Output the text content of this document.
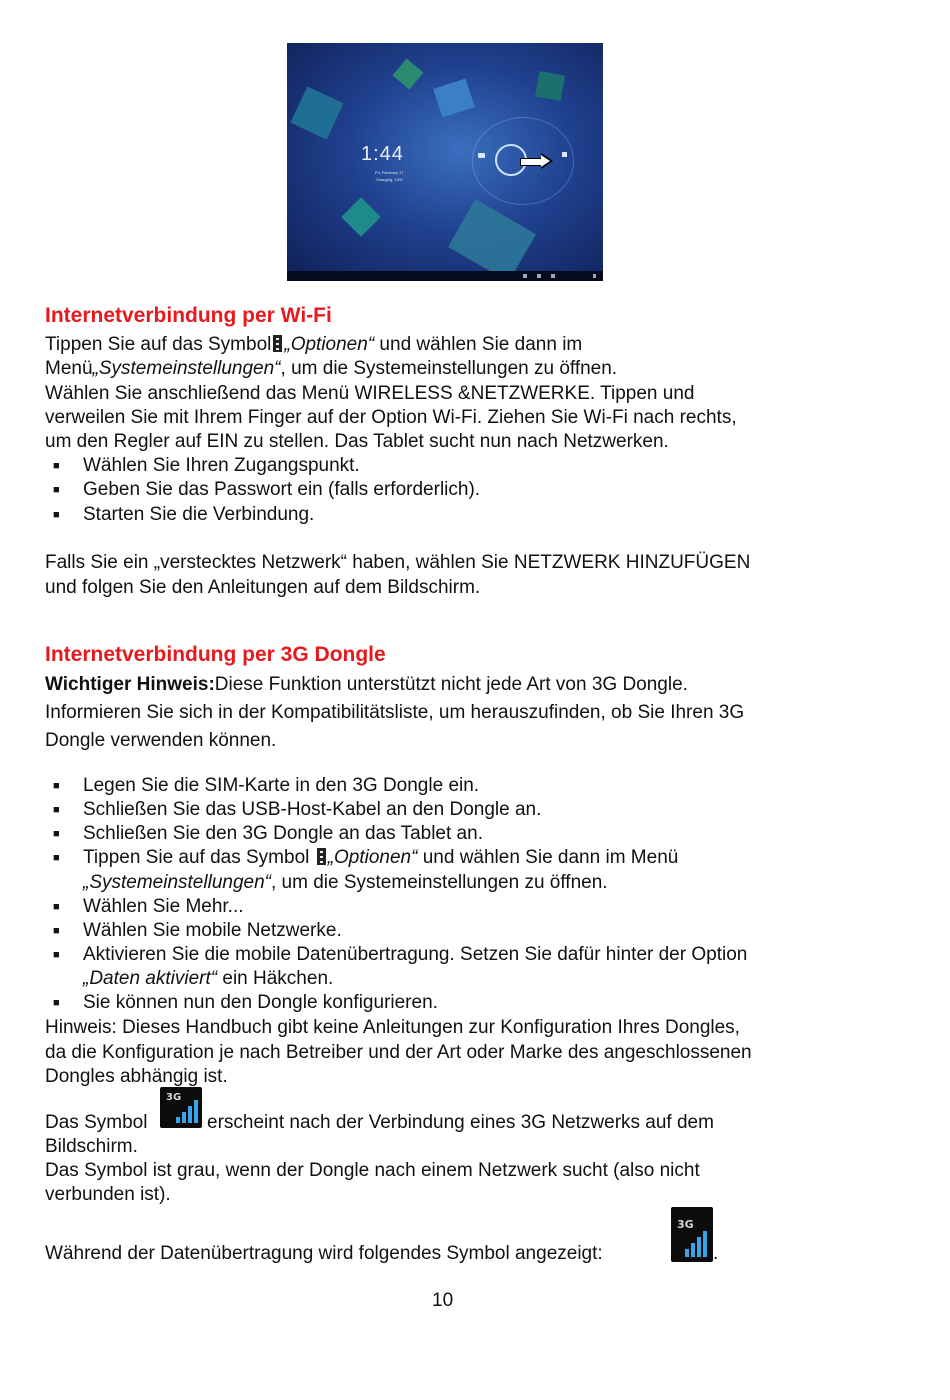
1:44
Fri, February 17
Charging, 14%
Internetverbindung per Wi-Fi
Tippen Sie auf das Symbol „Optionen“ und wählen Sie dann im
Menü„Systemeinstellungen“, um die Systemeinstellungen zu öffnen.
Wählen Sie anschließend das Menü WIRELESS &NETZWERKE. Tippen und
verweilen Sie mit Ihrem Finger auf der Option Wi-Fi. Ziehen Sie Wi-Fi nach rechts,
um den Regler auf EIN zu stellen. Das Tablet sucht nun nach Netzwerken.
■ Wählen Sie Ihren Zugangspunkt.
■ Geben Sie das Passwort ein (falls erforderlich).
■ Starten Sie die Verbindung.
Falls Sie ein „verstecktes Netzwerk“ haben, wählen Sie NETZWERK HINZUFÜGEN
und folgen Sie den Anleitungen auf dem Bildschirm.
Internetverbindung per 3G Dongle
Wichtiger Hinweis:Diese Funktion unterstützt nicht jede Art von 3G Dongle.
Informieren Sie sich in der Kompatibilitätsliste, um herauszufinden, ob Sie Ihren 3G
Dongle verwenden können.
■ Legen Sie die SIM-Karte in den 3G Dongle ein.
■ Schließen Sie das USB-Host-Kabel an den Dongle an.
■ Schließen Sie den 3G Dongle an das Tablet an.
■ Tippen Sie auf das Symbol
„Optionen“ und wählen Sie dann im Menü
„Systemeinstellungen“, um die Systemeinstellungen zu öffnen.
■ Wählen Sie Mehr...
■ Wählen Sie mobile Netzwerke.
■ Aktivieren Sie die mobile Datenübertragung. Setzen Sie dafür hinter der Option
„Daten aktiviert“ ein Häkchen.
■ Sie können nun den Dongle konfigurieren.
Hinweis: Dieses Handbuch gibt keine Anleitungen zur Konfiguration Ihres Dongles,
da die Konfiguration je nach Betreiber und der Art oder Marke des angeschlossenen
Dongles abhängig ist.
Das Symbol
3G
erscheint nach der Verbindung eines 3G Netzwerks auf dem
Bildschirm.
Das Symbol ist grau, wenn der Dongle nach einem Netzwerk sucht (also nicht
verbunden ist).
Während der Datenübertragung wird folgendes Symbol angezeigt:
3G
.
10
